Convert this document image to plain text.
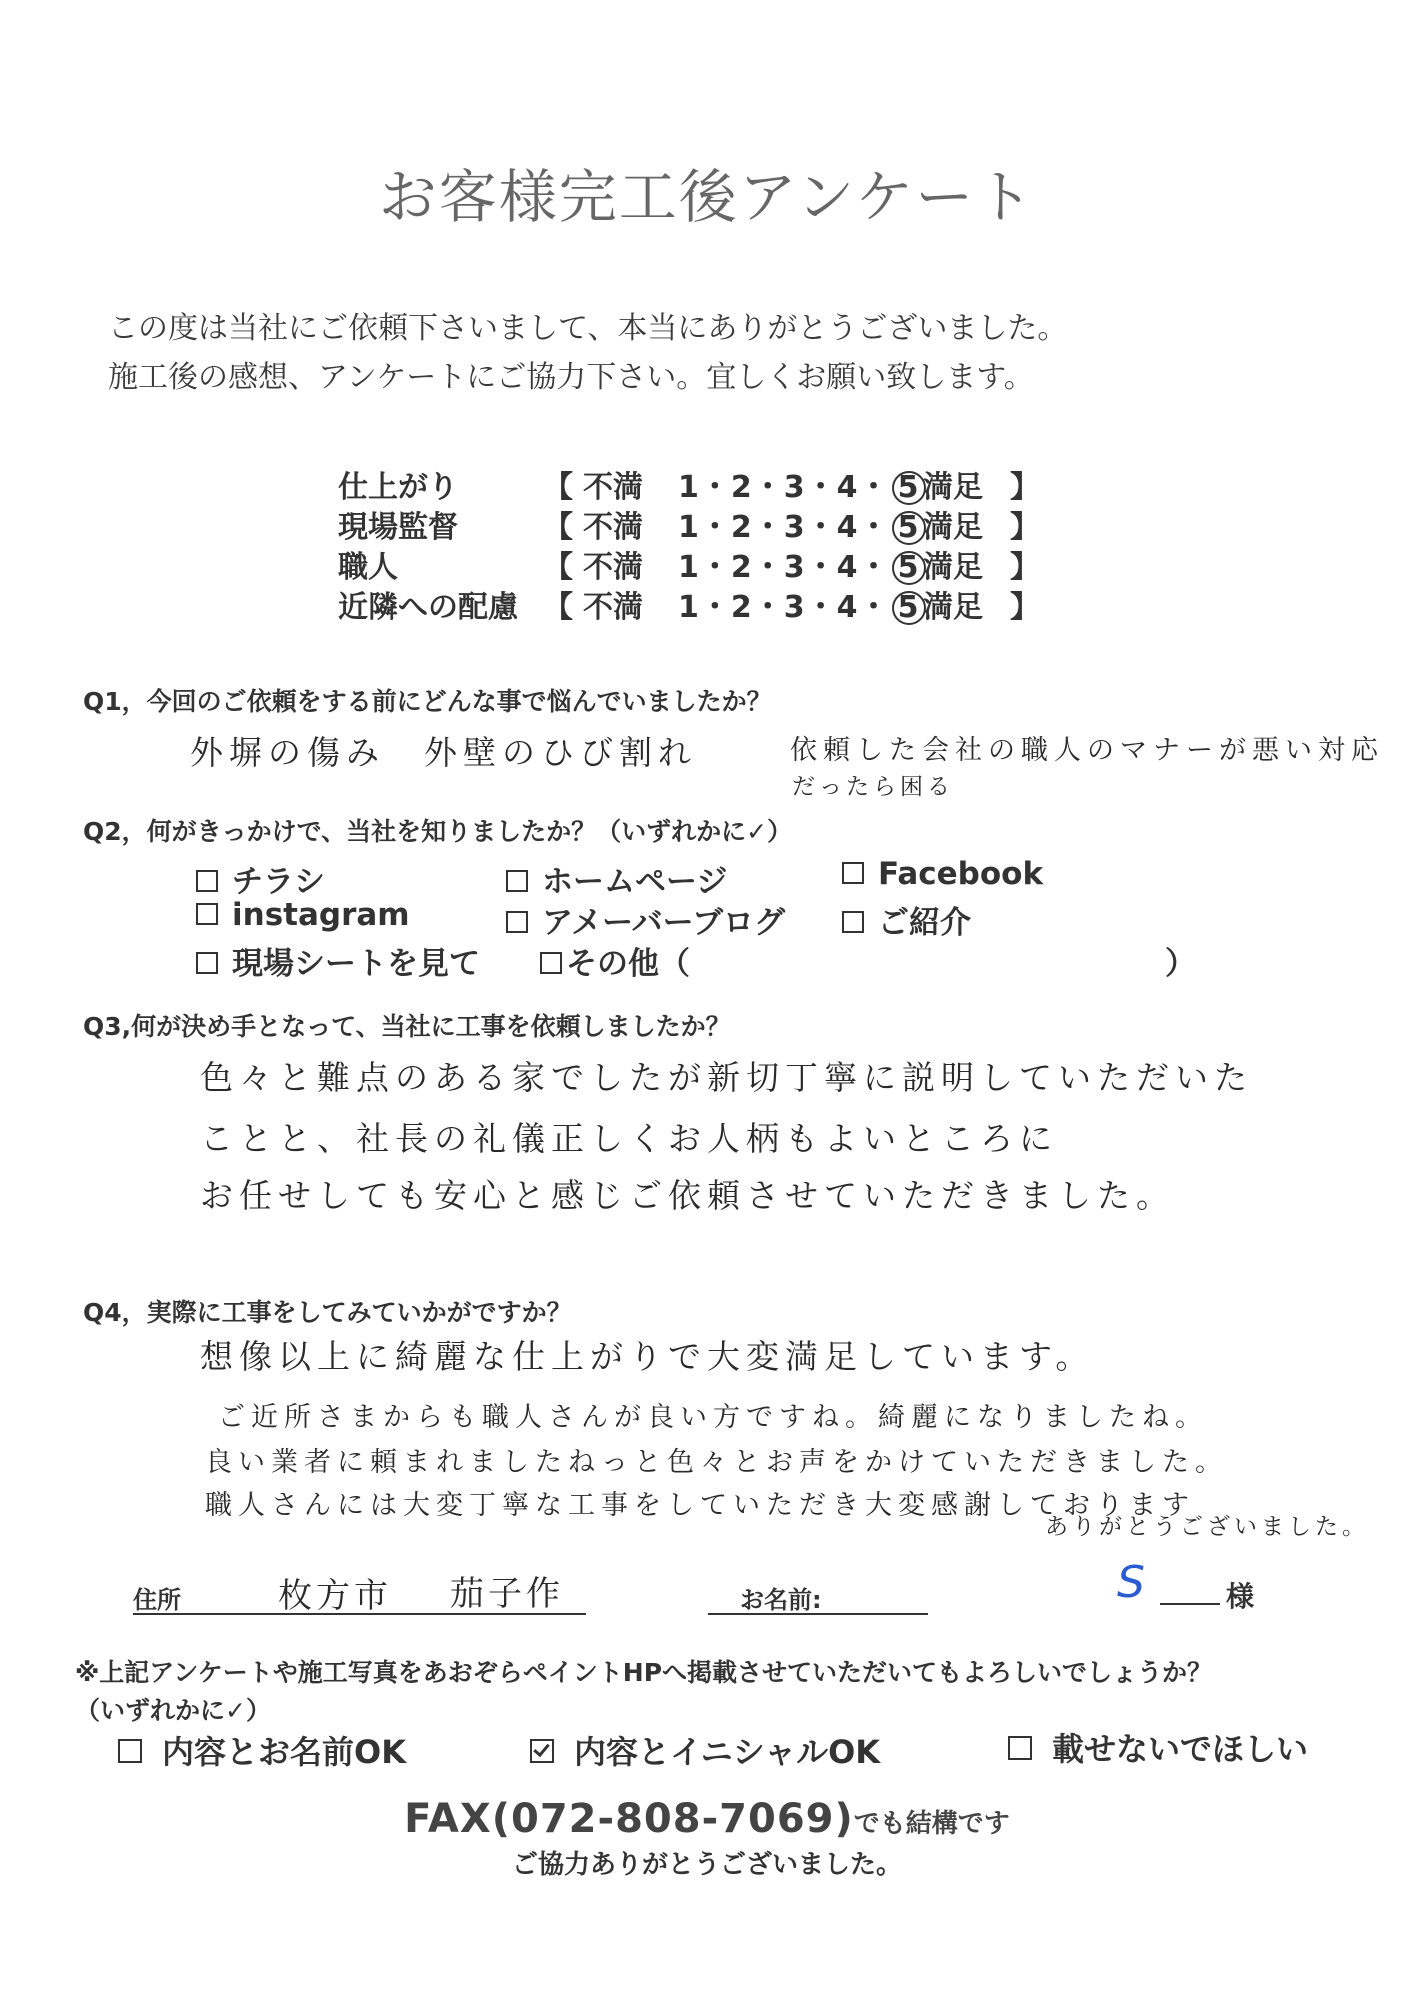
お客様完工後アンケート
この度は当社にご依頼下さいまして、本当にありがとうございました。
施工後の感想、アンケートにご協力下さい。宜しくお願い致します。
仕上がり	【 不満 1・2・3・4・ 5 満足 】
現場監督	【 不満 1・2・3・4・ 5 満足 】
職人	【 不満 1・2・3・4・ 5 満足 】
近隣への配慮 【 不満 1・2・3・4・ 5 満足 】
Q1，今回のご依頼をする前にどんな事で悩んでいましたか？
外塀の傷み　外壁のひび割れ	依頼した会社の職人のマナーが悪い対応
だったら困る
Q2，何がきっかけで、当社を知りましたか？（いずれかに✓）
チラシ	ホームページ	Facebook
instagram	アメーバーブログ	ご紹介
現場シートを見て	その他（	）
Q3,何が決め手となって、当社に工事を依頼しましたか？
色々と難点のある家でしたが新切丁寧に説明していただいた
ことと、社長の礼儀正しくお人柄もよいところに
お任せしても安心と感じご依頼させていただきました。
Q4，実際に工事をしてみていかがですか？
想像以上に綺麗な仕上がりで大変満足しています。
ご近所さまからも職人さんが良い方ですね。綺麗になりましたね。
良い業者に頼まれましたねっと色々とお声をかけていただきました。
職人さんには大変丁寧な工事をしていただき大変感謝しております
ありがとうございました。
住所	枚方市 茄子作	お名前:	S	様
※上記アンケートや施工写真をあおぞらペイントHPへ掲載させていただいてもよろしいでしょうか？
（いずれかに✓）
内容とお名前OK	内容とイニシャルOK	載せないでほしい
FAX(072-808-7069)でも結構です
ご協力ありがとうございました。
